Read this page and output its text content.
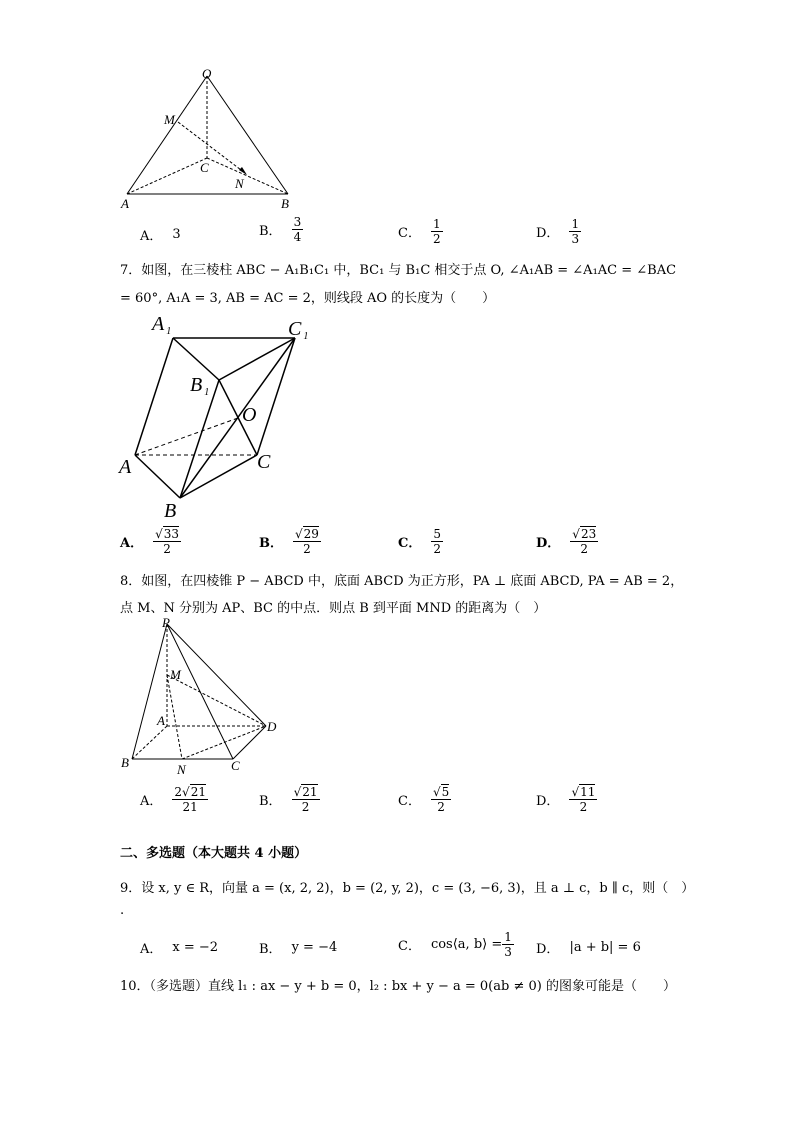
O
M
C
N
A	B
A． 3	B． $\frac{3}{4}$	C． $\frac{1}{2}$	D． $\frac{1}{3}$
7．如图，在三棱柱 ABC − A₁B₁C₁ 中，BC₁ 与 B₁C 相交于点 O, ∠A₁AB = ∠A₁AC = ∠BAC
= 60°, A₁A = 3, AB = AC = 2，则线段 AO 的长度为（　　）
A $_1$	C $_1$
B $_1$
O
A	C
B
A． $\frac{√33}{2}$	B． $\frac{√29}{2}$	C． $\frac{5}{2}$	D． $\frac{√23}{2}$
8．如图，在四棱锥 P − ABCD 中，底面 ABCD 为正方形，PA ⊥ 底面 ABCD, PA = AB = 2，
点 M、N 分别为 AP、BC 的中点．则点 B 到平面 MND 的距离为（　）
P
M
A	D
B	N	C
A． $\frac{2√21}{21}$	B． $\frac{√21}{2}$	C． $\frac{√5}{2}$	D． $\frac{√11}{2}$
二、多选题（本大题共 4 小题）
9．设 x, y ∈ R，向量 a = (x, 2, 2)，b = (2, y, 2)，c = (3, −6, 3)，且 a ⊥ c，b ∥ c，则（　）
.
A． x = −2	B． y = −4	C． cos⟨a, b⟩ = $\frac{1}{3}$ D． |a + b| = 6
10．（多选题）直线 l₁ : ax − y + b = 0，l₂ : bx + y − a = 0(ab ≠ 0) 的图象可能是（　　）
